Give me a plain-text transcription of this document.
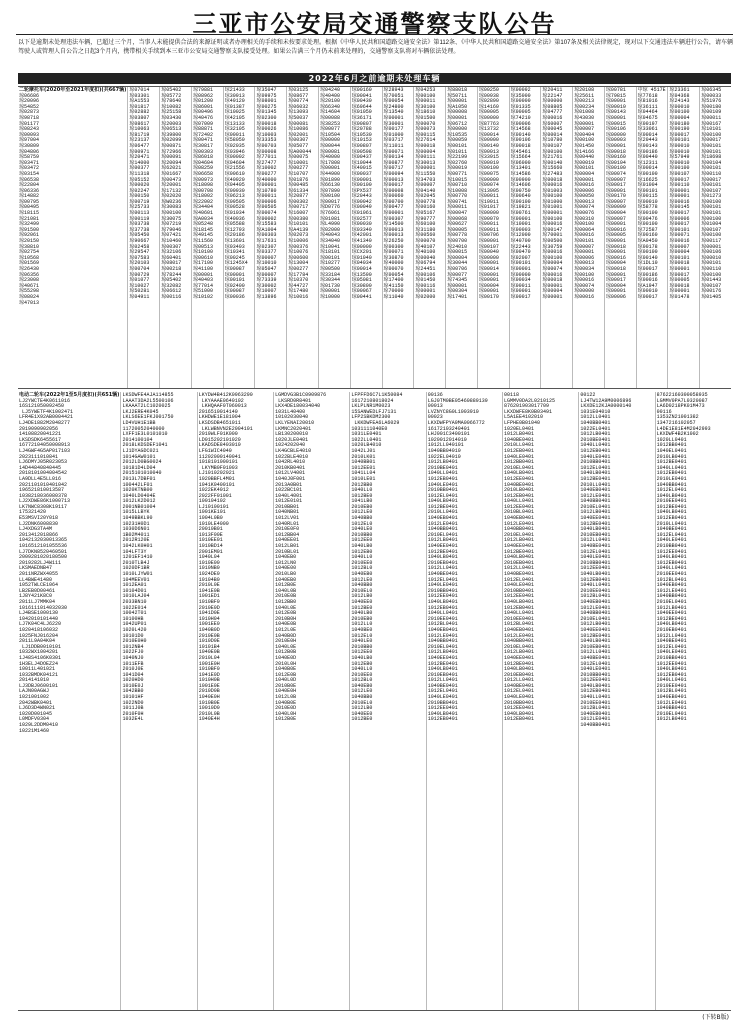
三亚市公安局交通警察支队公告
以下是逾期未处理违法车辆，已超过三个月，当事人未能提供合法的来源证明或者办理相关的手续和未按要求处理。根据《中华人民共和国道路交通安全法》第112条、《中华人民共和国道路交通安全法》第107条及相关法律规定，现对以下交通违法车辆进行公告，请车辆驾驶人或管理人自公告之日起3个月内，携带相关手续到本三亚市公安局交通警察支队接受处理。如果公告满三个月仍未前来处理的，交通警察支队将对车辆依法处理。
2022年6月之前逾期未处理车辆
二轮摩托车(2020年至2021年度扣)(共667辆)
琼06686
琼20096
琼54852
琼02873
琼98718
琼01177
琼08243
琼00093
琼97004
琼30809
琼04806
琼58759
琼03471
琼03472
琼03154
琼06538
琼22804
琼06336
琼14882
琼00795
琼00495
琼18115
琼21081
琼32499
琼91500
琼92061
琼20150
琼38810
琼02754
琼10568
琼01569
琼26430
琼06356
琼23008
琼40671
琼55298
琼08024
琼47013
琼07014
琼03301
琼A1553
琼01817
琼02882
琼03807
琼08617
琼10063
琼81719
琼23137
琼06477
琼00971
琼20471
琼14000
琼00377
琼11318
琼05152
琼00020
琼02247
琼00150
琼00719
琼25733
琼00113
琼00119
琼03738
琼37738
琼05450
琼90667
琼02458
琼29547
琼07583
琼20103
琼00704
琼00729
琼01077
琼10027
琼50281
琼04911
琼05402
琼05772
琼78640
琼10082
琼25158
琼03430
琼20003
琼06513
琼39800
琼02099
琼00871
琼72966
琼00091
琼20094
琼62021
琼01667
琼00473
琼20001
琼17132
琼02020
琼W0236
琼30083
琼00100
琼30075
琼07219
琼79046
琼07421
琼10460
琼00307
琼32106
琼60401
琼08017
琼00218
琼78244
琼05402
琼32082
琼06612
琼00116
琼79881
琼08962
琼01200
琼86001
琼00496
琼40476
琼07009
琼88871
琼72402
琼00471
琼30817
琼00303
琼86018
琼04604
琼08259
琼06658
琼00973
琼18098
琼00708
琼18002
琼22002
琼34404
琼40601
琼A0034
琼05248
琼18145
琼49145
琼11560
琼00513
琼10100
琼00610
琼17100
琼41100
琼00001
琼40403
琼77014
琼51000
琼10102
琼21433
琼30913
琼49120
琼01387
琼10025
琼42105
琼13133
琼32105
琼00011
琼58050
琼02035
琼03946
琼00002
琼04604
琼21556
琼00610
琼40920
琼04405
琼00930
琼06213
琼09505
琼00528
琼01034
琼40036
琼05588
琼12793
琼20186
琼13601
琼03403
琼10341
琼00245
琼1245X4
琼00087
琼00001
琼00101
琼02400
琼00087
琼00036
琼35047
琼09975
琼08001
琼00275
琼01345
琼02300
琼00018
琼00026
琼10003
琼33353
琼00703
琼00008
琼77011
琼27477
琼10002
琼00277
琼40000
琼00001
琼10780
琼00011
琼00006
琼00505
琼00074
琼00002
琼15583
琼A1004
琼00303
琼17631
琼02307
琼03377
琼00007
琼10010
琼05047
琼00007
琼73339
琼30002
琼10007
琼13896
琼03125
琼08677
琼00774
琼06032
琼13093
琼50037
琼00081
琼10086
琼02001
琼00307
琼05077
琼A00044
琼00075
琼10001
琼00277
琼10707
琼01876
琼00485
琼61334
琼20877
琼00302
琼00717
琼16007
琼00380
琼10101
琼A4139
琼02073
琼10006
琼00376
琼10076
琼00600
琼13004
琼00277
琼17784
琼10370
琼44727
琼17480
琼10016
琼04240
琼40400
琼20100
琼66340
琼14604
琼00088
琼38253
琼00077
琼10504
琼00000
琼00044
琼00081
琼40000
琼17808
琼00001
琼44900
琼01890
琼66130
琼07890
琼00100
琼00017
琼D0776
琼76061
琼01081
琼L4990
琼02000
琼40043
琼34040
琼10041
琼18101
琼00101
琼10277
琼00500
琼33184
琼30344
琼01730
琼00001
琼10000
琼00160
琼00041
琼00430
琼69644
琼01050
琼36171
琼00807
琼20788
琼10530
琼10153
琼00807
琼00598
琼00437
琼10044
琼40015
琼00037
琼00001
琼00100
琼PX537
琼20443
琼00042
琼00049
琼01061
琼02577
琼00030
琼03340
琼42001
琼41340
琼00000
琼CX201
琼01040
琼04034
琼00014
琼13590
琼05081
琼30800
琼00067
琼00441
琼28943
琼70051
琼00054
琼24800
琼13540
琼00001
琼30001
琼00177
琼01000
琼03717
琼11011
琼00071
琼00134
琼00877
琼00717
琼00094
琼00013
琼00017
琼00008
琼00060
琼00700
琼00477
琼00001
琼00307
琼14500
琼00013
琼00013
琼26250
琼00300
琼00071
琼30870
琼40000
琼00070
琼00054
琼17400
琼41150
琼70000
琼11040
琼04253
琼00100
琼00011
琼30100
琼18610
琼01500
琼00070
琼00073
琼00115
琼27614
琼00018
琼00004
琼00111
琼30013
琼00001
琼11550
琼34703
琼00007
琼04140
琼02045
琼00778
琼00160
琼05167
琼90777
琼60100
琼31180
琼00560
琼00070
琼40107
琼40100
琼00040
琼06794
琼24451
琼00106
琼01450
琼00116
琼00001
琼02000
琼88018
琼50711
琼00001
琼A1050
琼00008
琼00001
琼06712
琼00000
琼10535
琼00059
琼00101
琼01011
琼22199
琼02760
琼00019
琼00771
琼10015
琼00710
琼10008
琼00770
琼00741
琼00011
琼00047
琼00068
琼00627
琼00005
琼00778
琼00700
琼24010
琼00015
琼00004
琼30044
琼00706
琼00077
琼74345
琼00001
琼00304
琼17401
琼00250
琼00938
琼02890
琼14160
琼00005
琼00000
琼87763
琼13732
琼00014
琼00000
琼00140
琼00013
琼33915
琼00019
琼00100
琼00075
琼00000
琼00074
琼13005
琼00011
琼10011
琼01017
琼00000
琼00070
琼00011
琼00011
琼00706
琼00001
琼00107
琼00040
琼00000
琼00001
琼00014
琼00001
琼00001
琼00004
琼00001
琼00170
琼00092
琼35000
琼00000
琼01335
琼00005
琼74210
琼00006
琼14568
琼00140
琼00106
琼00018
琼45461
琼15664
琼06000
琼13401
琼14586
琼00900
琼14606
琼00750
琼00640
琼00100
琼19821
琼00761
琼00001
琼10001
琼00003
琼12000
琼40700
琼22443
琼00470
琼02007
琼00101
琼00001
琼00000
琼00034
琼00011
琼00001
琼00017
琼20411
琼22147
琼00000
琼08805
琼04777
琼00016
琼60007
琼00045
琼00014
琼10780
琼00107
琼00100
琼21761
琼00140
琼15660
琼27483
琼00018
琼00016
琼01003
琼00100
琼01000
琼01001
琼00001
琼00100
琼00016
琼00147
琼70001
琼00500
琼30759
琼00016
琼00100
琼00004
琼00074
琼00016
琼00018
琼00001
琼00004
琼00001
琼20108
琼25611
琼00213
琼00234
琼01008
琼43030
琼00001
琼00007
琼00404
琼00100
琼01450
琼14166
琼00440
琼00019
琼00101
琼00004
琼00001
琼00016
琼00006
琼00050
琼00013
琼00074
琼00076
琼00310
琼00100
琼00064
琼00016
琼00101
琼00007
琼00001
琼00006
琼00013
琼00034
琼00100
琼00016
琼00074
琼00000
琼00016
琼00781
琼79815
琼00001
琼00010
琼00143
琼00001
琼00015
琼00106
琼00000
琼00003
琼00001
琼00018
琼00160
琼00104
琼00100
琼00074
琼00007
琼00017
琼00001
琼00170
琼00007
琼00009
琼00004
琼00007
琼00001
琼00016
琼00005
琼00001
琼00018
琼00001
琼00016
琼00004
琼00018
琼00001
琼00017
琼00004
琼00001
琼00006
中琼 4517E
琼77618
琼81016
琼36111
琼04464
琼04675
琼00197
琼33061
琼00014
琼20443
琼00143
琼00186
琼00440
琼12311
琼00014
琼00100
琼16625
琼01004
琼00101
琼00115
琼00010
琼58778
琼00100
琼00476
琼00100
琼72587
琼00160
琼A0450
琼00178
琼00100
琼00140
琼1DL10
琼00017
琼00186
琼00016
琼A1947
琼00010
琼00017
琼23361
琼04368
琼24143
琼00010
琼00100
琼00004
琼00180
琼00190
琼00017
琼00101
琼00010
琼00010
琼57949
琼00010
琼00100
琼00107
琼00017
琼00110
琼00001
琼00001
琼00016
琼00145
琼00017
琼00006
琼00017
琼00101
琼00071
琼00016
琼00007
琼00004
琼00101
琼00018
琼00001
琼00017
琼00005
琼00018
琼00001
琼01478
琼06345
琼00033
琼51976
琼00180
琼00109
琼00011
琼00167
琼10101
琼00100
琼00017
琼00101
琼00101
琼18698
琼00104
琼00101
琼00110
琼00017
琼00101
琼00107
琼01273
琼00100
琼00101
琼00101
琼00100
琼01004
琼00107
琼00100
琼00117
琼00001
琼00106
琼00010
琼00101
琼00110
琼00100
琼01443
琼00107
琼00176
琼01405
电动二轮车(2022年1至5月度扣)(共651辆)
LJ2YWCTE4K0611016
16S121050092450
LJ5YWETF4K1002471
LFR4E1X92AB0004421
LJ4DE1882M2048277
2019090902056
14108820041221
LKSDSDK6455617
16772104050008913
LJ4GWF4G5AP017103
2023111010841
LJ6DMYJ05R023053
14D44840840445
2018101004004542
LA9DLL4E5LL016
2021101010401042
196521810013587
1038218036080378
LJ2XDWE86K1000713
LK7NWC8308K19117
175321420
E53MSVI20Y018
LJ2DNK6008830
LJ4XDG3TA4M
2013412018866
1042132030013365
1016512101055536
LJ7DKN8520460501
2009281020180500
2019282LJ4W111
LKSMAEDNB47
2011NRZWX4055
LL4BWE41480
1052TWLCE1064
LB2EB0D00461
1J8Y421K8C0
2011LJ7MMK04
1016111014032030
LJ4BSE1000130
1042010101440
LJ7K04C4LJ6220
1020418106032
1025FNJ016204
2011L9A04K04
LJ1DDB0010101
1032WX1004201
1J48S4106K0301
1H3ELJ4DOEZ24
10011L401021
1032BMDK04121
2014141010
LJ3DBJ0600101
LAJN00AGWJ
1021001002
2042WBK0401
LJ6D3D4WN021
1020D001045
L0MDFV0304
1029L2DDM0410
10221M1460
LKSDWFE4AJA114855
LAAAT3DA2L5500106
LKAAAT2LC1020025
LKJ2ERE4K045
LKLS6EE1FKJ001750
LD4VUH1E1BB
11720052040000
LXFF1E3L0101010
2014100104
2018LKDSDEF1041
LJ1DYAGDC021
1014GAW0101
2012LD0BG0024
10181D4LD04
2015101010040
2013L7DBF01
100442LF01
1020KTNB00
1040LD0404E
1012LK2D012
2001NB01004
1015LLBYK
1049BBKL90
10231H0D1
1030D6N01
1B02M4011
2012R120E
1042LK0H01
104LFT3Y
1201EF1410
2010TLB4J
1020DF1BR
1010LJYW01
104MEEV01
1012EA01
10104D01
1010LAJ04
2033BN10
1022E014
10042T01
10100HB
1042UP01
1020L420
10101D0
2010E0H0
1012NB4
1022FJ0
1040NJ0
1011EFB
2010J0E
1041D04
1020HD0
1010E0J
1042BB0
10101HF
1022ND0
1011J0B
2010F0H
1032E4L
LKYDW4B412K0963290
LKYAAAE0640102
LKHQAAF0T060013
2016510014140
LKHDWE1E181004
LKSDSDB4651011
LKLWBNVN2E2004101
2019WLF01K000
LD015202101020
LKADSDE8403010
LFG1WIC4040
11202000140041
1018101000101
LKYMB0F01003
LJ1010202021
1020BBFL4M01
1041K0400101
1022EK4012
2022FF01001
100104102
LJ10100101
1001KE101
1004L0B0
1010LE4000
20010B01
1013F00E
1010EE01
1010BD14
2001EM01
1040L04
1010E00
1010NB0
1024DE0
10104B0
2010L0E
1041E0B
1001ED1
1010BF0
2010E0D
1041D0E
1010H04
1001EE0
1040B0D
2010E0B
1010D0E
10101B4
1040E0B
2010L04
1001E0H
1010BF0
1041E0D
1010H0B
1001E0E
2010D0B
1040E0H
1010B0E
10010D0
2010L0B
1040E4H
LGMDVG3B1C0909876
LKSRD0R8401
LKX4DE180034040
1031L40400
10102030040
LKLYENAI20010
LKMNC2020401
LB130200010
1020JLE0401
1024202040
LK4GCBLE4010
1022BLE4010
1042RL4010
2010KB0401
1012LV4001
1040J0F001
2013A0B01
1022BC101
1040L4001
1012E0101
2010BB01
1040NB01
1012LV01
1040RL01
2010E0F0
1012BB04
1040EE01
1012LB01
2010BL01
1040EB0
1012LN0
1040E00
2010LB0
1040EB0
1012B0E
1040L0B
2010E0B
1012BB0
1040L0E
1012E0B
2010B0H
1040E0B
1012L0E
1040B0D
2010E0H
1040L0E
1012B0B
1040E0D
2010L0H
1040B0E
1012E0B
1040L0D
2010B0E
1040E0H
1012L0B
1040B0E
2010E0D
1040L0H
1012B0E
LFPFFD6C7L1K50084
16172108018024
LKLPLNR1M0023
15SANWEDLFJ7131
LFP2SBKDM2300
LKKDWFEA6LA6029
1031111040E0
1031LE0401
1022LL0401
1020LB4010
1042LJ01
2010LK01
1040BB01
1012EE01
1041LL04
1010LE01
2012BB0
1040LL0
1012BE0
1041LB0
2010EB0
1012LE0
1040BB0
1012EL0
1040LE0
2010BB0
1012EE0
1040LB0
1012EB0
1040LL0
2010EE0
1012BL0
1040EB0
1012LE0
1040BB0
2010EL0
1012LB0
1040EE0
1012BE0
1040LB0
2010EB0
1012LL0
1040BE0
1012EL0
1040LE0
2010BB0
1012EE0
1040LB0
1012EB0
1040LL0
2010EE0
1012BL0
1040EB0
1012LE0
1040BB0
2010EL0
1012LB0
1040EE0
1012BE0
00136
LGJ0TM0BE05460889139
00013
LVZNYC8G0L1003910
00023
LKXDWFPYA9MA0066772
16172103240401
LHJ001C3400101
1020012014010
1012LL040101
1040BB04010
1022EL04010
1012LB0401
2010BE0401
1040LL0401
1012EB0401
1040LE0401
2010BB0401
1012EL0401
1040LB0401
1012BE0401
2010LL0401
1040EB0401
1012LE0401
1040BB0401
2010EL0401
1012LB0401
1040EE0401
1012BE0401
1040LB0401
2010EB0401
1012LL0401
1040BE0401
1012EL0401
1040LE0401
2010BB0401
1012EE0401
1040LB0401
1012EB0401
1040LL0401
2010EE0401
1012BL0401
1040EB0401
1012LE0401
1040BB0401
2010EL0401
1012LB0401
1040EE0401
1012BE0401
1040LB0401
2010EB0401
1012LL0401
1040BE0401
1012EL0401
1040LE0401
2010BB0401
1012EE0401
1040LB0401
1012EB0401
00118
LGMMV0DA2L0210125
876201903017709
LKXDWFE8K0B03491
L5A1EE4102010
LFPHE0B01040
1020EL0401
1012LB0401
1040BE0401
2010LL0401
1012EB0401
1040LE0401
1012BB0401
2010EL0401
1040LB0401
1012EE0401
1040BE0401
2010LB0401
1012EB0401
1040LL0401
1012EE0401
2010BL0401
1040EB0401
1012LE0401
1040BB0401
2010EL0401
1012LB0401
1040EE0401
1012BE0401
1040LB0401
2010EB0401
1012LL0401
1040BE0401
1012EL0401
1040LE0401
2010BB0401
1012EE0401
1040LB0401
1012EB0401
1040LL0401
2010EE0401
1012BL0401
1040EB0401
1012LE0401
1040BB0401
2010EL0401
1012LB0401
1040EE0401
1012BE0401
1040LB0401
2010EB0401
1012LL0401
1040BE0401
1012EL0401
1040LE0401
2010BB0401
1012EE0401
1040LB0401
1012EB0401
00122
LJ4TW12A9M0006896
LKXDE12KJA0000140
1031E04010
1012LL0401
1040BB0401
1022EL0401
1012LB0401
2010BE0401
1040LL0401
1012EB0401
1040LE0401
2010BB0401
1012EL0401
1040LB0401
1012BE0401
2010LL0401
1040EB0401
1012LE0401
1040BB0401
2010EL0401
1012LB0401
1040EE0401
1012BE0401
1040LB0401
2010EB0401
1012LL0401
1040BE0401
1012EL0401
1040LE0401
2010BB0401
1012EE0401
1040LB0401
1012EB0401
1040LL0401
2010EE0401
1012BL0401
1040EB0401
1012LE0401
1040BB0401
2010EL0401
1012LB0401
1040EE0401
1012BE0401
1040LB0401
2010EB0401
1012LL0401
1040BE0401
1012EL0401
1040LE0401
2010BB0401
1012EE0401
1040LB0401
1012EB0401
1040LL0401
2010EE0401
1012BL0401
1040EB0401
1012LE0401
1040BB0401
87622160300058935
LGMMV0PA7L0320087
LA6D0218PK01M473
00116
1353ZN21001382
1347216102057
L4DE1E81E4M2042993
LKXDWF4B2K1002
1020LL0401
1012BB0401
1040EL0401
2010LB0401
1012BE0401
1040LL0401
1012EB0401
2010LE0401
1040BB0401
1012EL0401
1040LB0401
2010EE0401
1012BE0401
1040LB0401
1012EB0401
2010LL0401
1040BE0401
1012EL0401
1040LE0401
2010BB0401
1012EE0401
1040LB0401
1012EB0401
1040LL0401
2010EE0401
1012BL0401
1040EB0401
1012LE0401
1040BB0401
2010EL0401
1012LB0401
1040EE0401
1012BE0401
1040LB0401
2010EB0401
1012LL0401
1040BE0401
1012EL0401
1040LE0401
2010BB0401
1012EE0401
1040LB0401
1012EB0401
1040LL0401
2010EE0401
1012BL0401
1040EB0401
1012LE0401
1040BB0401
2010EL0401
1012LB0401
(下转B版)
